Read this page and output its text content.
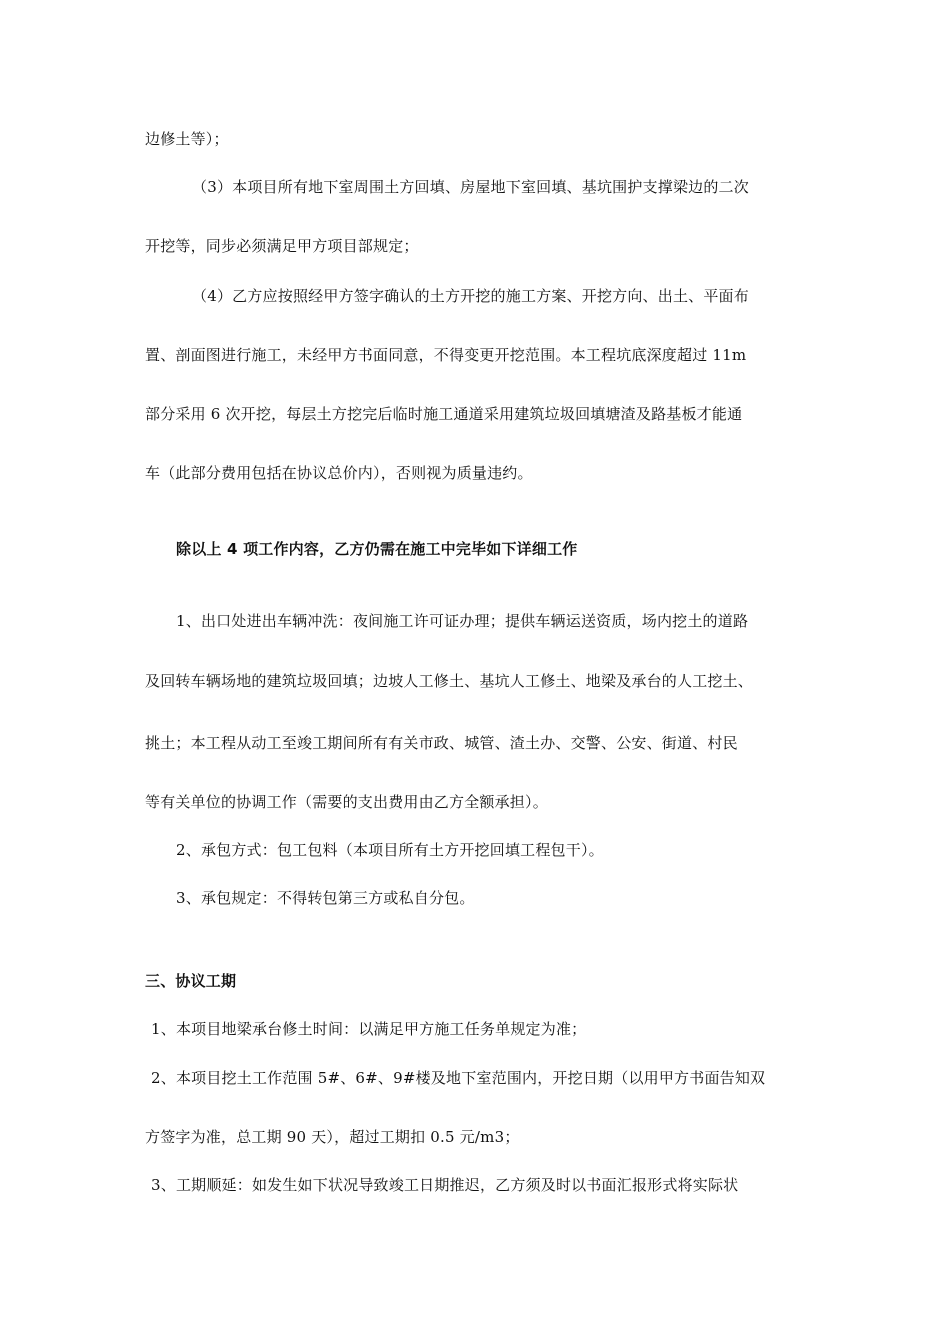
边修土等）；
（3）本项目所有地下室周围土方回填、房屋地下室回填、基坑围护支撑梁边的二次
开挖等，同步必须满足甲方项目部规定；
（4）乙方应按照经甲方签字确认的土方开挖的施工方案、开挖方向、出土、平面布
置、剖面图进行施工，未经甲方书面同意，不得变更开挖范围。本工程坑底深度超过 11m
部分采用 6 次开挖，每层土方挖完后临时施工通道采用建筑垃圾回填塘渣及路基板才能通
车（此部分费用包括在协议总价内），否则视为质量违约。
除以上 4 项工作内容，乙方仍需在施工中完毕如下详细工作
1、出口处进出车辆冲洗：夜间施工许可证办理；提供车辆运送资质，场内挖土的道路
及回转车辆场地的建筑垃圾回填；边坡人工修土、基坑人工修土、地梁及承台的人工挖土、
挑土；本工程从动工至竣工期间所有有关市政、城管、渣土办、交警、公安、街道、村民
等有关单位的协调工作（需要的支出费用由乙方全额承担）。
2、承包方式：包工包料（本项目所有土方开挖回填工程包干）。
3、承包规定：不得转包第三方或私自分包。
三、协议工期
1、本项目地梁承台修土时间：以满足甲方施工任务单规定为准；
2、本项目挖土工作范围 5#、6#、9#楼及地下室范围内，开挖日期（以用甲方书面告知双
方签字为准，总工期 90 天），超过工期扣 0.5 元/m3；
3、工期顺延：如发生如下状况导致竣工日期推迟，乙方须及时以书面汇报形式将实际状
